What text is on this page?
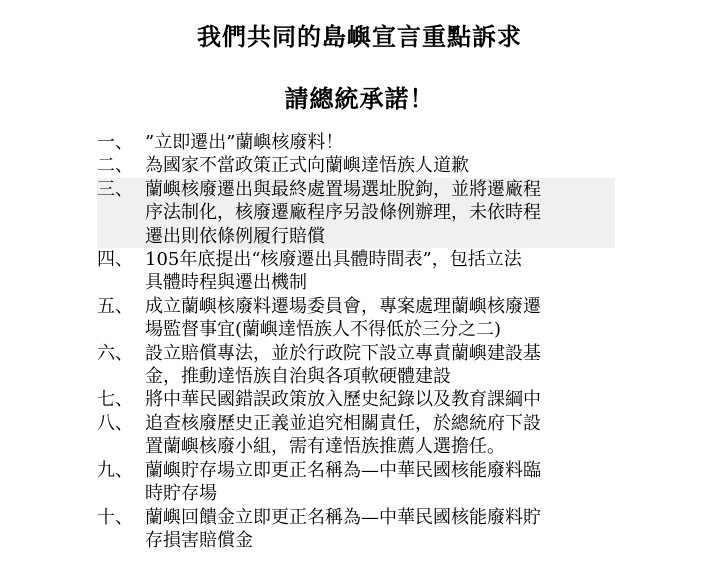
我們共同的島嶼宣言重點訴求
請總統承諾！
一、 ”立即遷出”蘭嶼核廢料！
二、 為國家不當政策正式向蘭嶼達悟族人道歉
三、 蘭嶼核廢遷出與最終處置場選址脫鉤，並將遷廠程
序法制化，核廢遷廠程序另設條例辦理，未依時程
遷出則依條例履行賠償
四、 105年底提出“核廢遷出具體時間表”，包括立法
具體時程與遷出機制
五、 成立蘭嶼核廢料遷場委員會，專案處理蘭嶼核廢遷
場監督事宜(蘭嶼達悟族人不得低於三分之二)
六、 設立賠償專法，並於行政院下設立專責蘭嶼建設基
金，推動達悟族自治與各項軟硬體建設
七、 將中華民國錯誤政策放入歷史紀錄以及教育課綱中
八、 追查核廢歷史正義並追究相關責任，於總統府下設
置蘭嶼核廢小組，需有達悟族推薦人選擔任。
九、 蘭嶼貯存場立即更正名稱為—中華民國核能廢料臨
時貯存場
十、 蘭嶼回饋金立即更正名稱為—中華民國核能廢料貯
存損害賠償金
